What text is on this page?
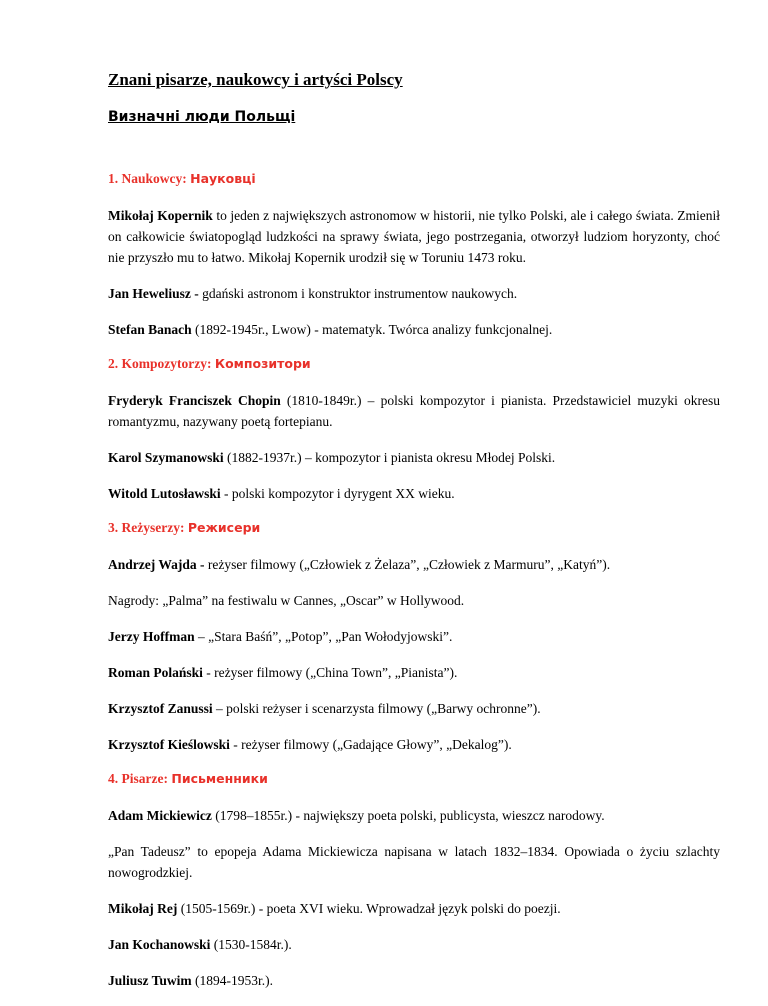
Znani pisarze, naukowcy i artyści Polscy
Визначні люди Польщі
1. Naukowcy: Науковці

Mikołaj Kopernik to jeden z największych astronomow w historii, nie tylko Polski, ale i całego świata. Zmienił on całkowicie światopogląd ludzkości na sprawy świata, jego postrzegania, otworzył ludziom horyzonty, choć nie przyszło mu to łatwo. Mikołaj Kopernik urodził się w Toruniu 1473 roku.

Jan Heweliusz - gdański astronom i konstruktor instrumentow naukowych.

Stefan Banach (1892-1945r., Lwow) - matematyk. Twórca analizy funkcjonalnej.

2. Kompozytorzy: Композитори

Fryderyk Franciszek Chopin (1810-1849r.) – polski kompozytor i pianista. Przedstawiciel muzyki okresu romantyzmu, nazywany poetą fortepianu.

Karol Szymanowski (1882-1937r.) – kompozytor i pianista okresu Młodej Polski.

Witold Lutosławski - polski kompozytor i dyrygent XX wieku.

3. Reżyserzy: Режисери

Andrzej Wajda - reżyser filmowy („Człowiek z Żelaza”, „Człowiek z Marmuru”, „Katyń”).

Nagrody: „Palma” na festiwalu w Cannes, „Oscar” w Hollywood.

Jerzy Hoffman – „Stara Baśń”, „Potop”, „Pan Wołodyjowski”.

Roman Polański - reżyser filmowy („China Town”, „Pianista”).

Krzysztof Zanussi – polski reżyser i scenarzysta filmowy („Barwy ochronne”).

Krzysztof Kieślowski - reżyser filmowy („Gadające Głowy”, „Dekalog”).

4. Pisarze: Письменники

Adam Mickiewicz (1798–1855r.) - największy poeta polski, publicysta, wieszcz narodowy.

„Pan Tadeusz” to epopeja Adama Mickiewicza napisana w latach 1832–1834. Opowiada o życiu szlachty nowogrodzkiej.

Mikołaj Rej (1505-1569r.) - poeta XVI wieku. Wprowadzał język polski do poezji.

Jan Kochanowski (1530-1584r.).

Juliusz Tuwim (1894-1953r.).
